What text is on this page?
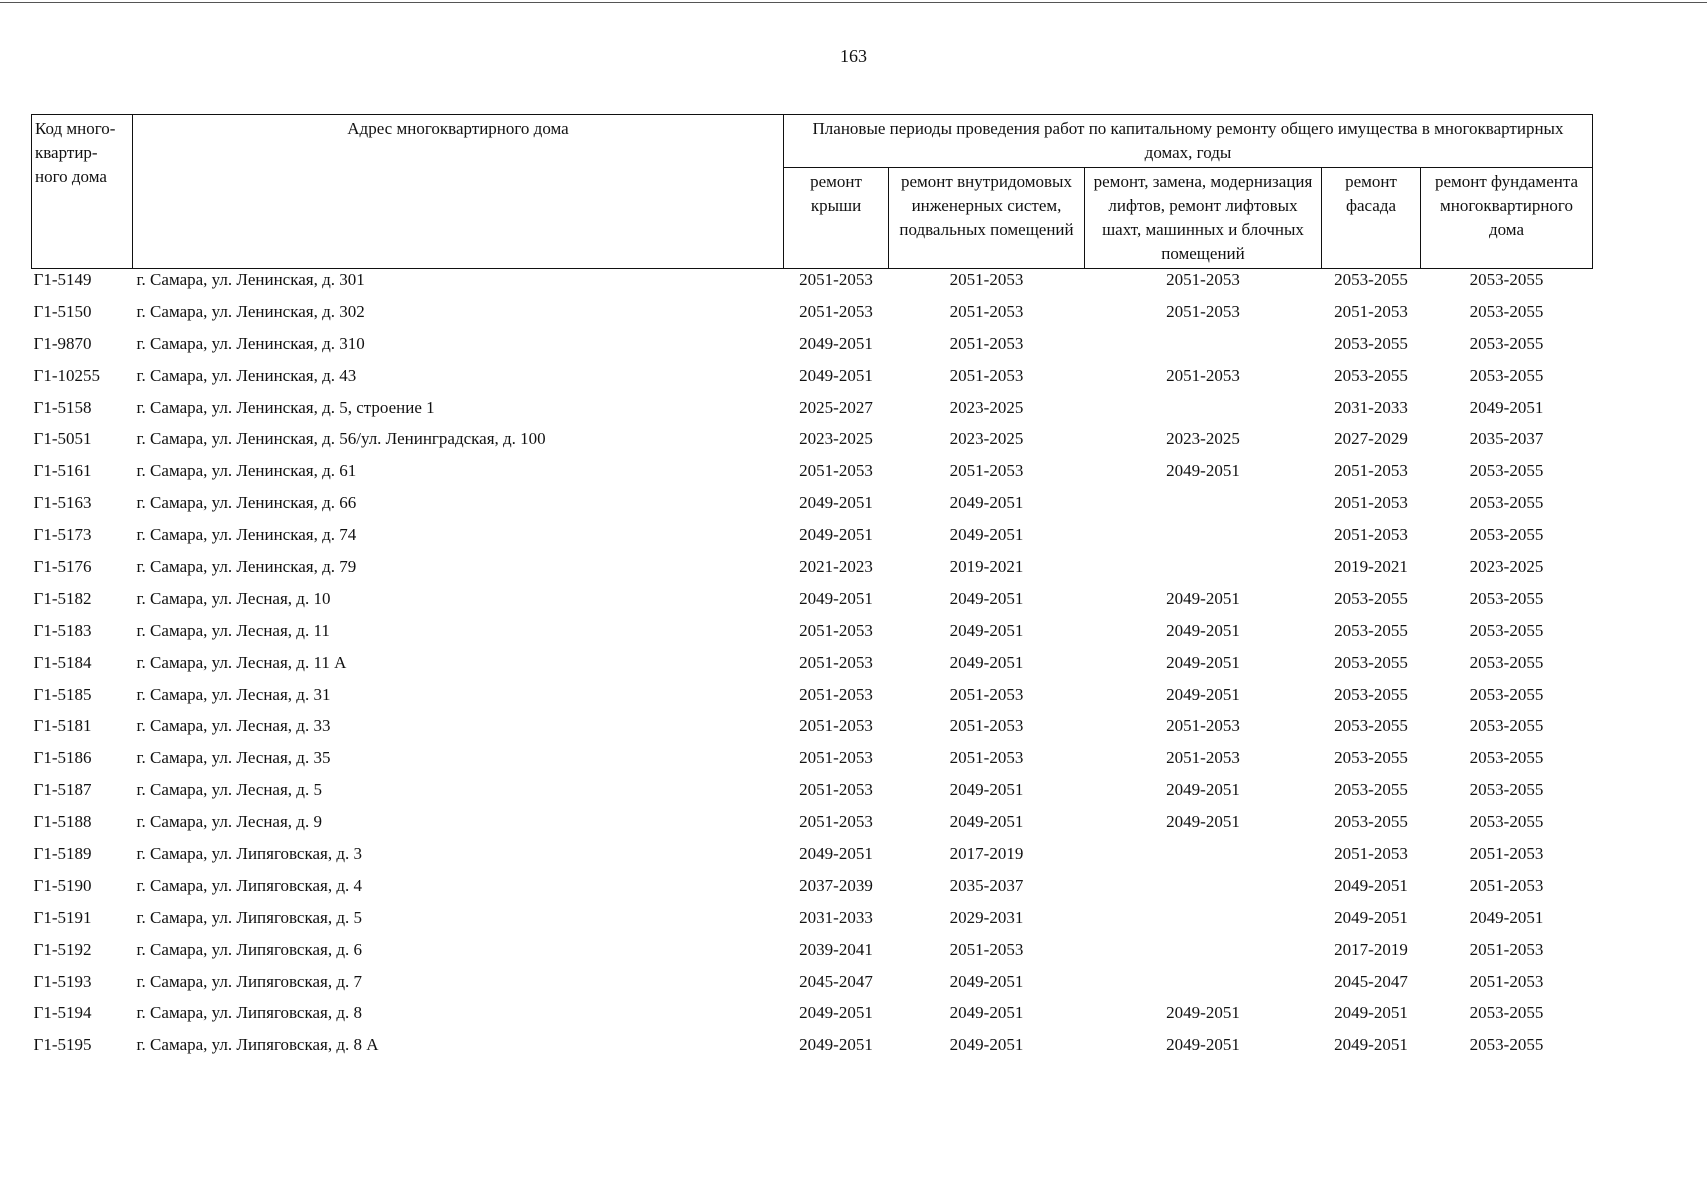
163
Код много-квартир-ного дома	Адрес многоквартирного дома	Плановые периоды проведения работ по капитальному ремонту общего имущества в многоквартирных домах, годы				
		ремонт крыши	ремонт внутридомовых инженерных систем, подвальных помещений	ремонт, замена, модернизация лифтов, ремонт лифтовых шахт, машинных и блочных помещений	ремонт фасада	ремонт фундамента многоквартирного дома
Г1-5149	г. Самара, ул. Ленинская, д. 301	2051-2053	2051-2053	2051-2053	2053-2055	2053-2055
Г1-5150	г. Самара, ул. Ленинская, д. 302	2051-2053	2051-2053	2051-2053	2051-2053	2053-2055
Г1-9870	г. Самара, ул. Ленинская, д. 310	2049-2051	2051-2053		2053-2055	2053-2055
Г1-10255	г. Самара, ул. Ленинская, д. 43	2049-2051	2051-2053	2051-2053	2053-2055	2053-2055
Г1-5158	г. Самара, ул. Ленинская, д. 5, строение 1	2025-2027	2023-2025		2031-2033	2049-2051
Г1-5051	г. Самара, ул. Ленинская, д. 56/ул. Ленинградская, д. 100	2023-2025	2023-2025	2023-2025	2027-2029	2035-2037
Г1-5161	г. Самара, ул. Ленинская, д. 61	2051-2053	2051-2053	2049-2051	2051-2053	2053-2055
Г1-5163	г. Самара, ул. Ленинская, д. 66	2049-2051	2049-2051		2051-2053	2053-2055
Г1-5173	г. Самара, ул. Ленинская, д. 74	2049-2051	2049-2051		2051-2053	2053-2055
Г1-5176	г. Самара, ул. Ленинская, д. 79	2021-2023	2019-2021		2019-2021	2023-2025
Г1-5182	г. Самара, ул. Лесная, д. 10	2049-2051	2049-2051	2049-2051	2053-2055	2053-2055
Г1-5183	г. Самара, ул. Лесная, д. 11	2051-2053	2049-2051	2049-2051	2053-2055	2053-2055
Г1-5184	г. Самара, ул. Лесная, д. 11 А	2051-2053	2049-2051	2049-2051	2053-2055	2053-2055
Г1-5185	г. Самара, ул. Лесная, д. 31	2051-2053	2051-2053	2049-2051	2053-2055	2053-2055
Г1-5181	г. Самара, ул. Лесная, д. 33	2051-2053	2051-2053	2051-2053	2053-2055	2053-2055
Г1-5186	г. Самара, ул. Лесная, д. 35	2051-2053	2051-2053	2051-2053	2053-2055	2053-2055
Г1-5187	г. Самара, ул. Лесная, д. 5	2051-2053	2049-2051	2049-2051	2053-2055	2053-2055
Г1-5188	г. Самара, ул. Лесная, д. 9	2051-2053	2049-2051	2049-2051	2053-2055	2053-2055
Г1-5189	г. Самара, ул. Липяговская, д. 3	2049-2051	2017-2019		2051-2053	2051-2053
Г1-5190	г. Самара, ул. Липяговская, д. 4	2037-2039	2035-2037		2049-2051	2051-2053
Г1-5191	г. Самара, ул. Липяговская, д. 5	2031-2033	2029-2031		2049-2051	2049-2051
Г1-5192	г. Самара, ул. Липяговская, д. 6	2039-2041	2051-2053		2017-2019	2051-2053
Г1-5193	г. Самара, ул. Липяговская, д. 7	2045-2047	2049-2051		2045-2047	2051-2053
Г1-5194	г. Самара, ул. Липяговская, д. 8	2049-2051	2049-2051	2049-2051	2049-2051	2053-2055
Г1-5195	г. Самара, ул. Липяговская, д. 8 А	2049-2051	2049-2051	2049-2051	2049-2051	2053-2055
